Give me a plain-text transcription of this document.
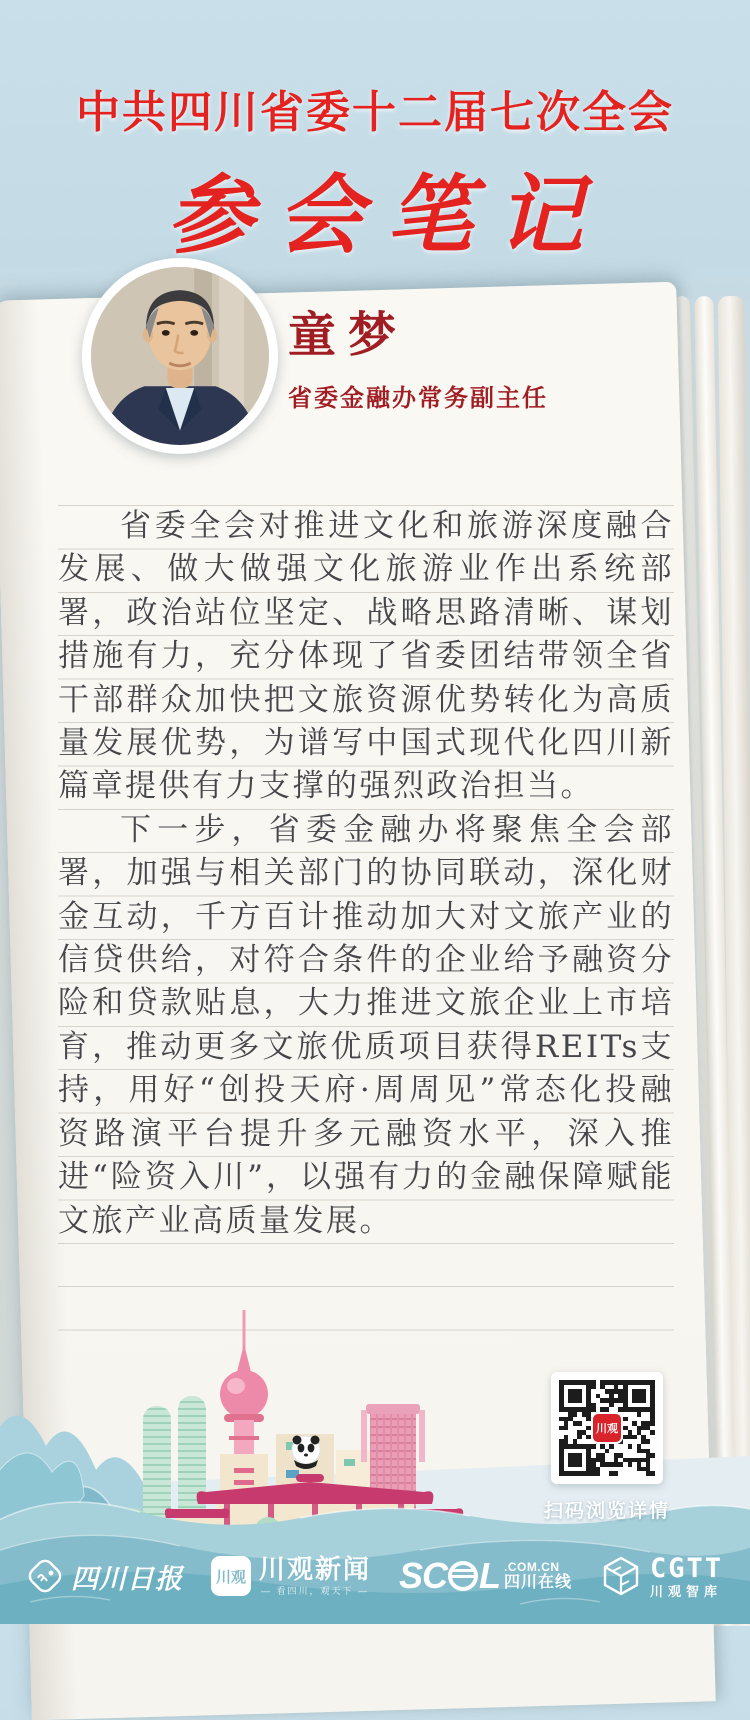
中共四川省委十二届七次全会
参会笔记
童梦
省委金融办常务副主任

省委全会对推进文化和旅游深度融合发展、做大做强文化旅游业作出系统部署，政治站位坚定、战略思路清晰、谋划措施有力，充分体现了省委团结带领全省干部群众加快把文旅资源优势转化为高质量发展优势，为谱写中国式现代化四川新篇章提供有力支撑的强烈政治担当。

下一步，省委金融办将聚焦全会部署，加强与相关部门的协同联动，深化财金互动，千方百计推动加大对文旅产业的信贷供给，对符合条件的企业给予融资分险和贷款贴息，大力推进文旅企业上市培育，推动更多文旅优质项目获得REITs支持，用好“创投天府·周周见”常态化投融资路演平台提升多元融资水平，深入推进“险资入川”，以强有力的金融保障赋能文旅产业高质量发展。

川观
扫码浏览详情
四川日报	川观 川观新闻
— 看四川，观天下 — SC L .COM.CN
四川在线	CGTT
川观智库
